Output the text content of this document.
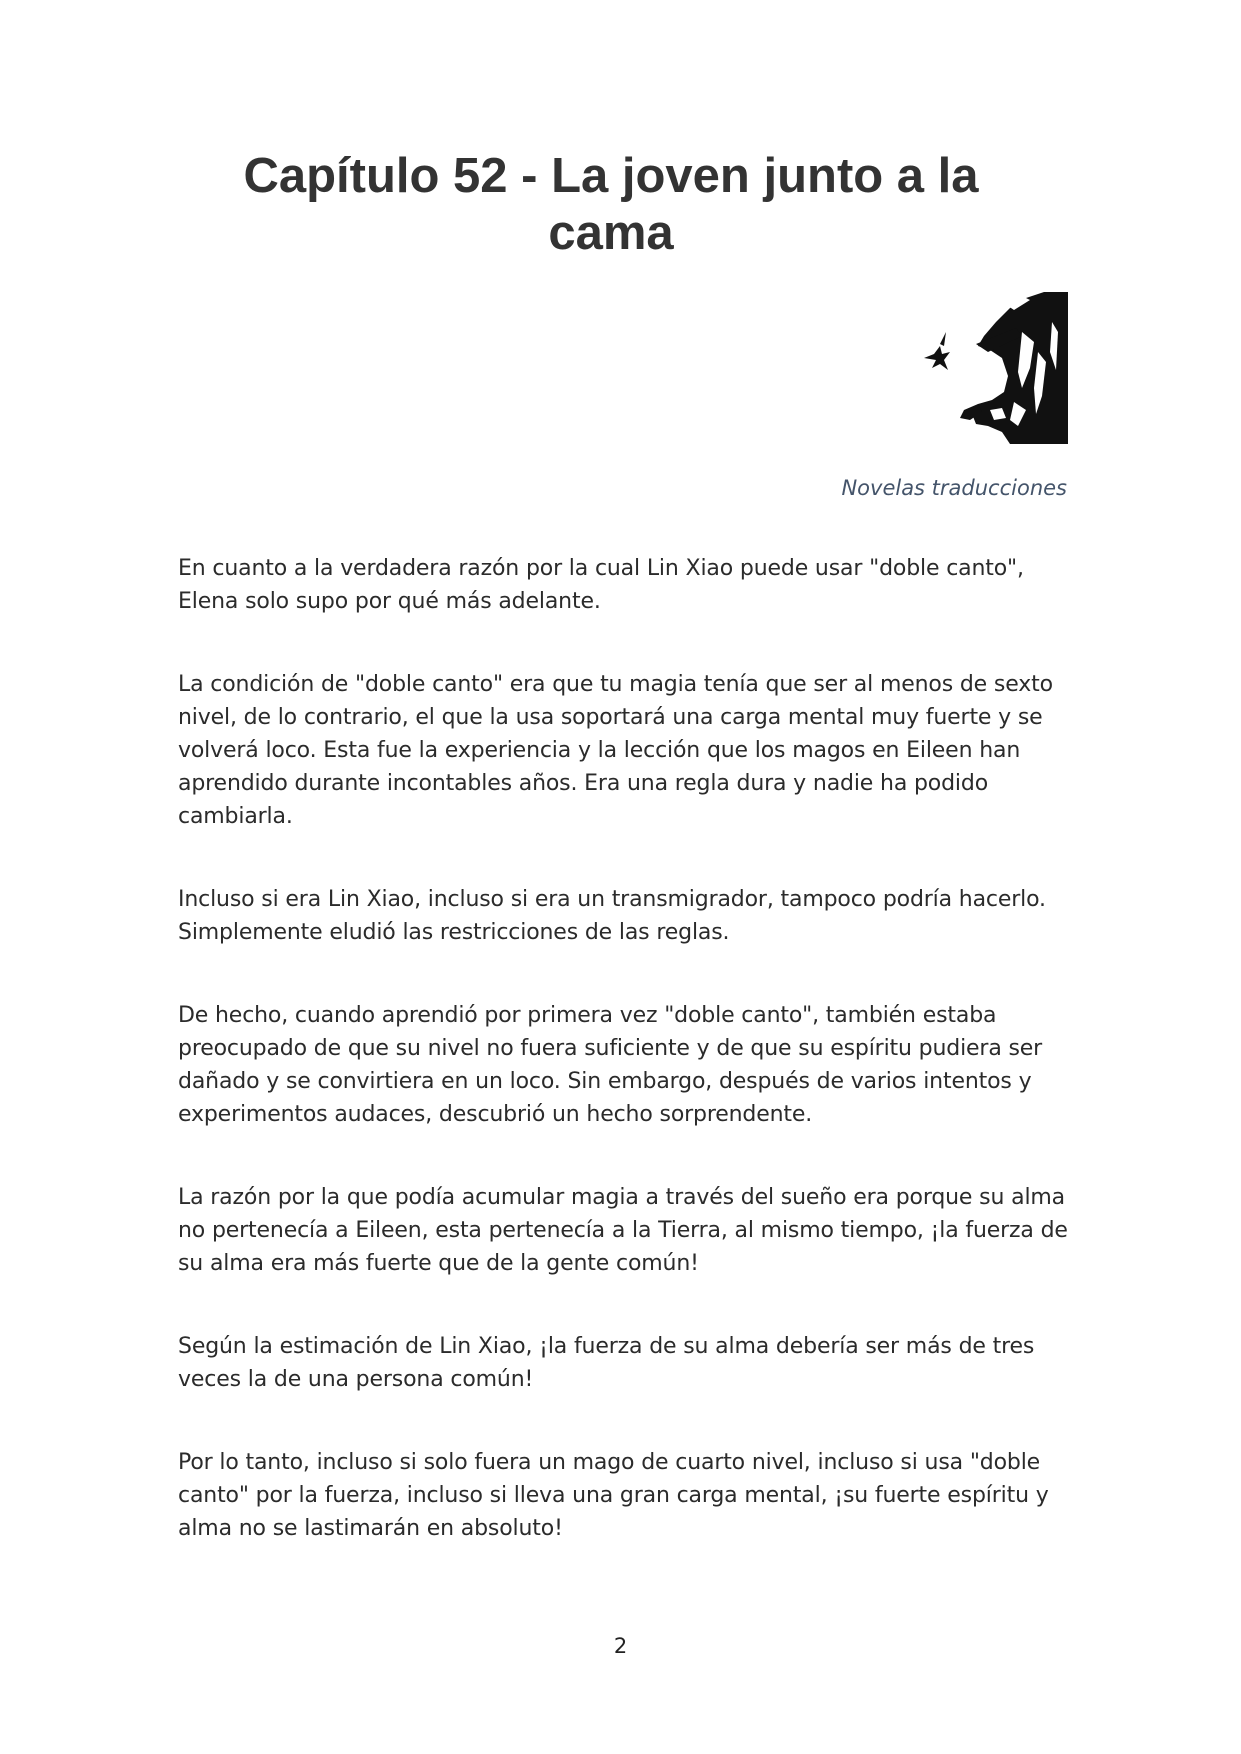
Capítulo 52 - La joven junto a la cama

Novelas traducciones

En cuanto a la verdadera razón por la cual Lin Xiao puede usar "doble canto", Elena solo supo por qué más adelante.

La condición de "doble canto" era que tu magia tenía que ser al menos de sexto nivel, de lo contrario, el que la usa soportará una carga mental muy fuerte y se volverá loco. Esta fue la experiencia y la lección que los magos en Eileen han aprendido durante incontables años. Era una regla dura y nadie ha podido cambiarla.

Incluso si era Lin Xiao, incluso si era un transmigrador, tampoco podría hacerlo. Simplemente eludió las restricciones de las reglas.

De hecho, cuando aprendió por primera vez "doble canto", también estaba preocupado de que su nivel no fuera suficiente y de que su espíritu pudiera ser dañado y se convirtiera en un loco. Sin embargo, después de varios intentos y experimentos audaces, descubrió un hecho sorprendente.

La razón por la que podía acumular magia a través del sueño era porque su alma no pertenecía a Eileen, esta pertenecía a la Tierra, al mismo tiempo, ¡la fuerza de su alma era más fuerte que de la gente común!

Según la estimación de Lin Xiao, ¡la fuerza de su alma debería ser más de tres veces la de una persona común!

Por lo tanto, incluso si solo fuera un mago de cuarto nivel, incluso si usa "doble canto" por la fuerza, incluso si lleva una gran carga mental, ¡su fuerte espíritu y alma no se lastimarán en absoluto!

2
